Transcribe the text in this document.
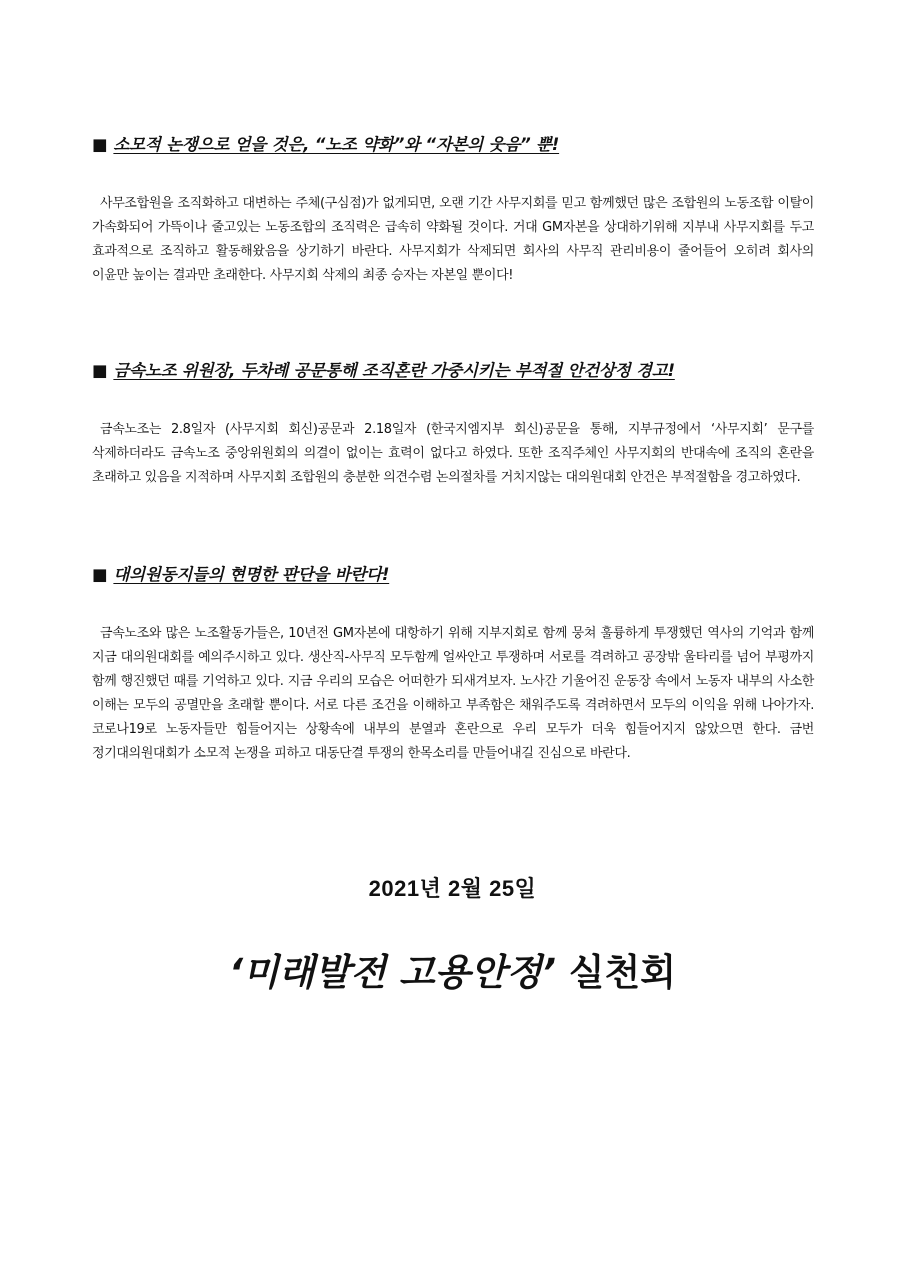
■ 소모적 논쟁으로 얻을 것은, “노조 약화”와 “자본의 웃음” 뿐!

사무조합원을 조직화하고 대변하는 주체(구심점)가 없게되면, 오랜 기간 사무지회를 믿고 함께했던 많은 조합원의 노동조합 이탈이 가속화되어 가뜩이나 줄고있는 노동조합의 조직력은 급속히 약화될 것이다. 거대 GM자본을 상대하기위해 지부내 사무지회를 두고 효과적으로 조직하고 활동해왔음을 상기하기 바란다. 사무지회가 삭제되면 회사의 사무직 관리비용이 줄어들어 오히려 회사의 이윤만 높이는 결과만 초래한다. 사무지회 삭제의 최종 승자는 자본일 뿐이다!

■ 금속노조 위원장, 두차례 공문통해 조직혼란 가중시키는 부적절 안건상정 경고!

금속노조는 2.8일자 (사무지회 회신)공문과 2.18일자 (한국지엠지부 회신)공문을 통해, 지부규정에서 ‘사무지회’ 문구를 삭제하더라도 금속노조 중앙위원회의 의결이 없이는 효력이 없다고 하였다. 또한 조직주체인 사무지회의 반대속에 조직의 혼란을 초래하고 있음을 지적하며 사무지회 조합원의 충분한 의견수렴 논의절차를 거치지않는 대의원대회 안건은 부적절함을 경고하였다.

■ 대의원동지들의 현명한 판단을 바란다!

금속노조와 많은 노조활동가들은, 10년전 GM자본에 대항하기 위해 지부지회로 함께 뭉쳐 훌륭하게 투쟁했던 역사의 기억과 함께 지금 대의원대회를 예의주시하고 있다. 생산직-사무직 모두함께 얼싸안고 투쟁하며 서로를 격려하고 공장밖 울타리를 넘어 부평까지 함께 행진했던 때를 기억하고 있다. 지금 우리의 모습은 어떠한가 되새겨보자. 노사간 기울어진 운동장 속에서 노동자 내부의 사소한 이해는 모두의 공멸만을 초래할 뿐이다. 서로 다른 조건을 이해하고 부족함은 채워주도록 격려하면서 모두의 이익을 위해 나아가자. 코로나19로 노동자들만 힘들어지는 상황속에 내부의 분열과 혼란으로 우리 모두가 더욱 힘들어지지 않았으면 한다. 금번 정기대의원대회가 소모적 논쟁을 피하고 대동단결 투쟁의 한목소리를 만들어내길 진심으로 바란다.

2021년 2월 25일
‘미래발전 고용안정’ 실천회
